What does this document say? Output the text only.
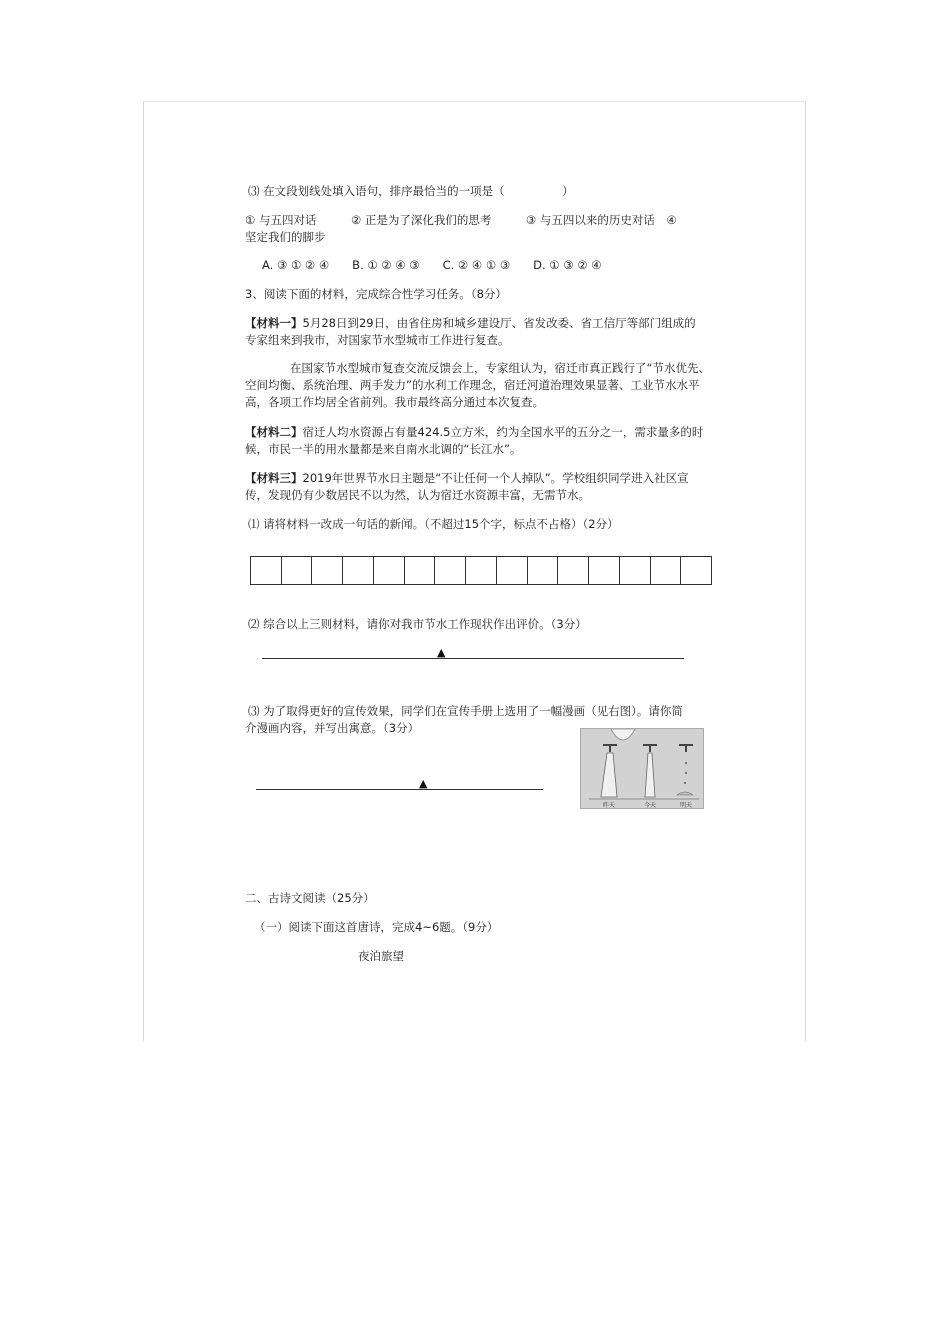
⑶ 在文段划线处填入语句，排序最恰当的一项是（　　　　　）
① 与五四对话　　　② 正是为了深化我们的思考　　　③ 与五四以来的历史对话　④
坚定我们的脚步
A. ③ ① ② ④　　B. ① ② ④ ③　　C. ② ④ ① ③　　D. ① ③ ② ④
3、阅读下面的材料，完成综合性学习任务。（8分）
【材料一】5月28日到29日，由省住房和城乡建设厅、省发改委、省工信厅等部门组成的
专家组来到我市，对国家节水型城市工作进行复查。
在国家节水型城市复查交流反馈会上，专家组认为，宿迁市真正践行了“节水优先、
空间均衡、系统治理、两手发力”的水利工作理念，宿迁河道治理效果显著、工业节水水平
高，各项工作均居全省前列。我市最终高分通过本次复查。
【材料二】宿迁人均水资源占有量424.5立方米，约为全国水平的五分之一，需求量多的时
候，市民一半的用水量都是来自南水北调的“长江水”。
【材料三】2019年世界节水日主题是“不让任何一个人掉队”。学校组织同学进入社区宣
传，发现仍有少数居民不以为然，认为宿迁水资源丰富，无需节水。
⑴ 请将材料一改成一句话的新闻。（不超过15个字，标点不占格）（2分）
⑵ 综合以上三则材料，请你对我市节水工作现状作出评价。（3分）
▲
⑶ 为了取得更好的宣传效果，同学们在宣传手册上选用了一幅漫画（见右图）。请你简
介漫画内容，并写出寓意。（3分）
▲
昨天	今天	明天
二、古诗文阅读（25分）
（一）阅读下面这首唐诗，完成4~6题。（9分）
夜泊旅望
